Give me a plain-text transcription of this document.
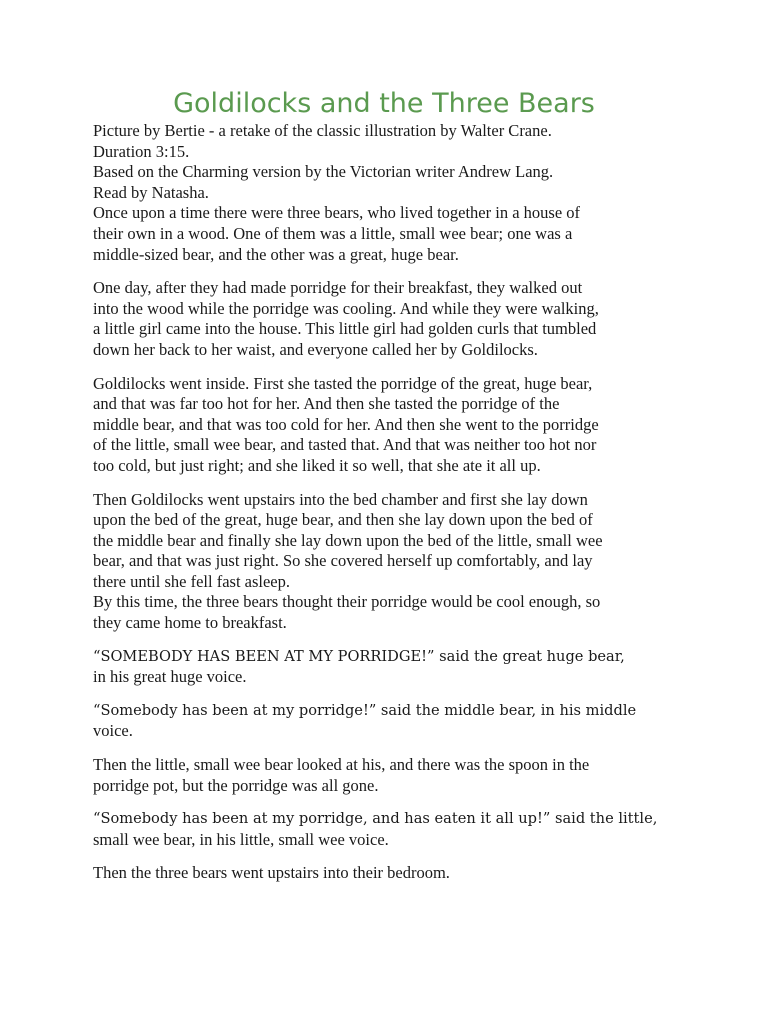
Goldilocks and the Three Bears
Picture by Bertie - a retake of the classic illustration by Walter Crane.
Duration 3:15.
Based on the Charming version by the Victorian writer Andrew Lang.
Read by Natasha.
Once upon a time there were three bears, who lived together in a house of
their own in a wood. One of them was a little, small wee bear; one was a
middle-sized bear, and the other was a great, huge bear.
One day, after they had made porridge for their breakfast, they walked out
into the wood while the porridge was cooling. And while they were walking,
a little girl came into the house. This little girl had golden curls that tumbled
down her back to her waist, and everyone called her by Goldilocks.
Goldilocks went inside. First she tasted the porridge of the great, huge bear,
and that was far too hot for her. And then she tasted the porridge of the
middle bear, and that was too cold for her. And then she went to the porridge
of the little, small wee bear, and tasted that. And that was neither too hot nor
too cold, but just right; and she liked it so well, that she ate it all up.
Then Goldilocks went upstairs into the bed chamber and first she lay down
upon the bed of the great, huge bear, and then she lay down upon the bed of
the middle bear and finally she lay down upon the bed of the little, small wee
bear, and that was just right. So she covered herself up comfortably, and lay
there until she fell fast asleep.
By this time, the three bears thought their porridge would be cool enough, so
they came home to breakfast.
“SOMEBODY HAS BEEN AT MY PORRIDGE!” said the great huge bear,
in his great huge voice.
“Somebody has been at my porridge!” said the middle bear, in his middle
voice.
Then the little, small wee bear looked at his, and there was the spoon in the
porridge pot, but the porridge was all gone.
“Somebody has been at my porridge, and has eaten it all up!” said the little,
small wee bear, in his little, small wee voice.
Then the three bears went upstairs into their bedroom.
